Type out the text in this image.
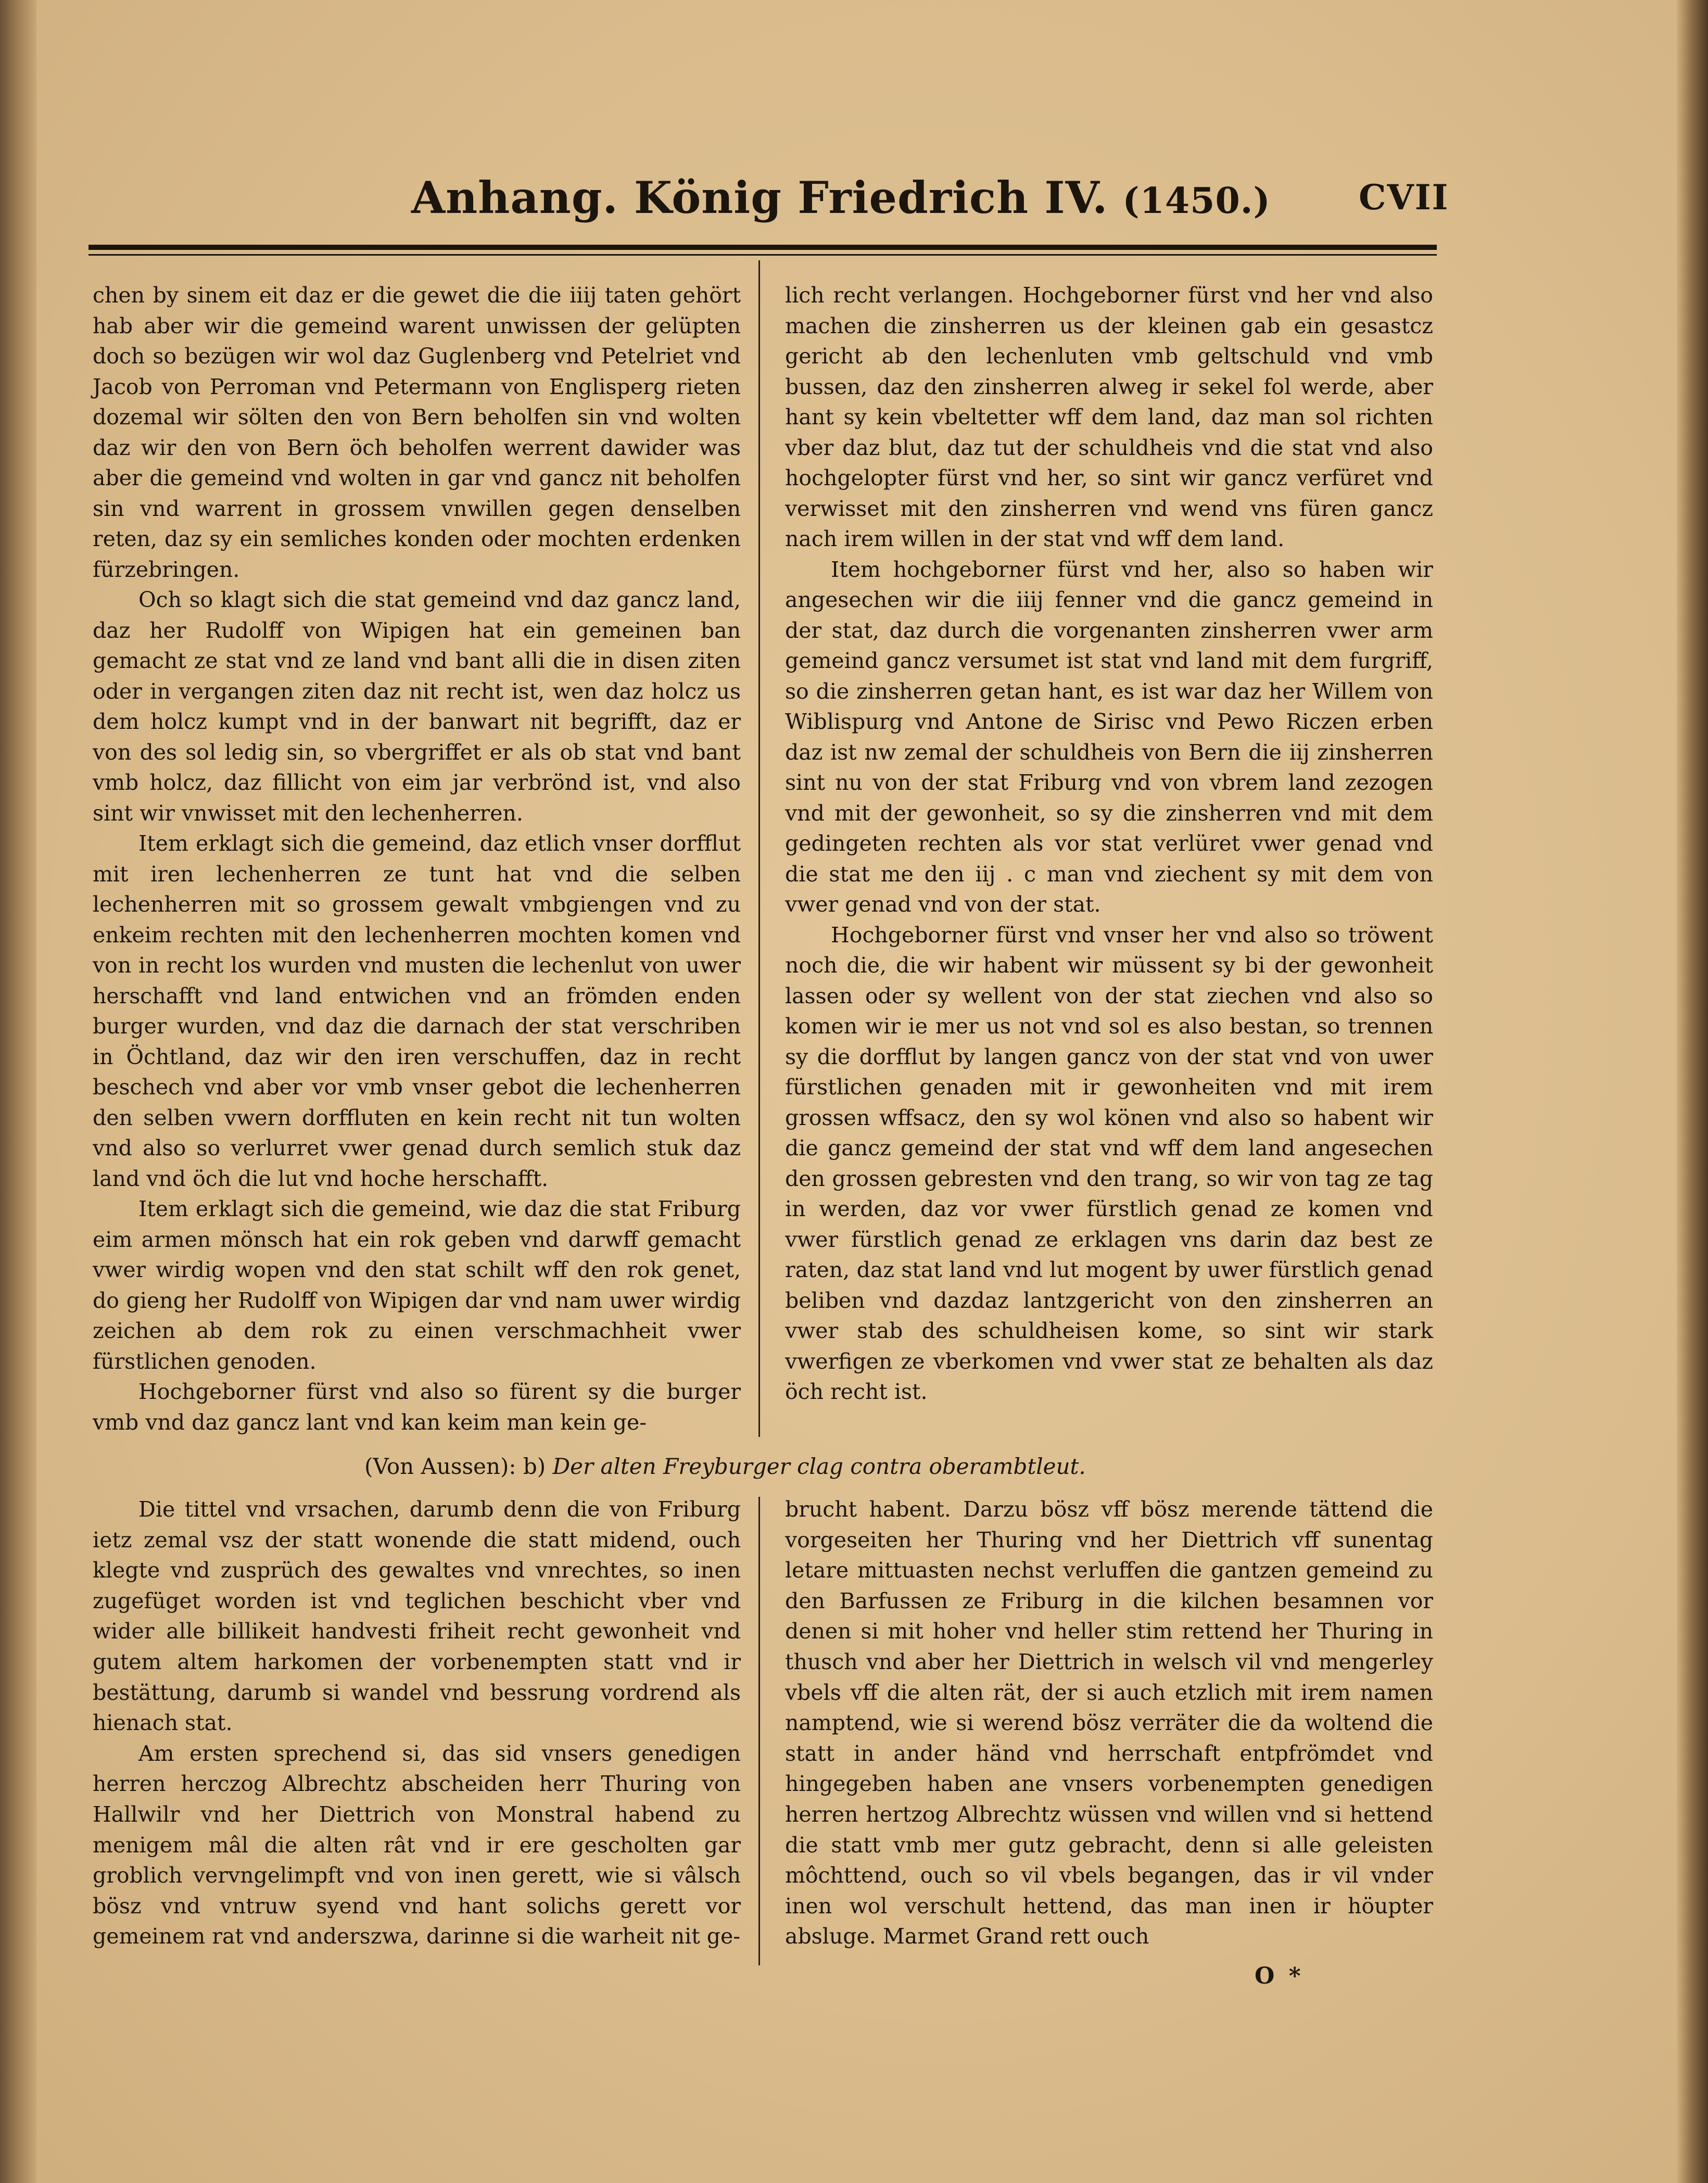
Anhang. König Friedrich IV. (1450.)	CVII

chen by sinem eit daz er die gewet die die iiij taten gehört hab aber wir die gemeind warent unwissen der gelüpten doch so bezügen wir wol daz Guglenberg vnd Petelriet vnd Jacob von Perroman vnd Petermann von Englisperg rieten dozemal wir sölten den von Bern beholfen sin vnd wolten daz wir den von Bern öch beholfen werrent dawider was aber die gemeind vnd wolten in gar vnd gancz nit beholfen sin vnd warrent in grossem vnwillen gegen denselben reten, daz sy ein semliches konden oder mochten erdenken fürzebringen.

Och so klagt sich die stat gemeind vnd daz gancz land, daz her Rudolff von Wipigen hat ein gemeinen ban gemacht ze stat vnd ze land vnd bant alli die in disen ziten oder in vergangen ziten daz nit recht ist, wen daz holcz us dem holcz kumpt vnd in der banwart nit begrifft, daz er von des sol ledig sin, so vbergriffet er als ob stat vnd bant vmb holcz, daz fillicht von eim jar verbrönd ist, vnd also sint wir vnwisset mit den lechenherren.

Item erklagt sich die gemeind, daz etlich vnser dorfflut mit iren lechenherren ze tunt hat vnd die selben lechenherren mit so grossem gewalt vmbgiengen vnd zu enkeim rechten mit den lechenherren mochten komen vnd von in recht los wurden vnd musten die lechenlut von uwer herschafft vnd land entwichen vnd an frömden enden burger wurden, vnd daz die darnach der stat verschriben in Öchtland, daz wir den iren verschuffen, daz in recht beschech vnd aber vor vmb vnser gebot die lechenherren den selben vwern dorffluten en kein recht nit tun wolten vnd also so verlurret vwer genad durch semlich stuk daz land vnd öch die lut vnd hoche herschafft.

Item erklagt sich die gemeind, wie daz die stat Friburg eim armen mönsch hat ein rok geben vnd darwff gemacht vwer wirdig wopen vnd den stat schilt wff den rok genet, do gieng her Rudolff von Wipigen dar vnd nam uwer wirdig zeichen ab dem rok zu einen verschmachheit vwer fürstlichen genoden.

Hochgeborner fürst vnd also so fürent sy die burger vmb vnd daz gancz lant vnd kan keim man kein ge-

lich recht verlangen. Hochgeborner fürst vnd her vnd also machen die zinsherren us der kleinen gab ein gesastcz gericht ab den lechenluten vmb geltschuld vnd vmb bussen, daz den zinsherren alweg ir sekel fol werde, aber hant sy kein vbeltetter wff dem land, daz man sol richten vber daz blut, daz tut der schuldheis vnd die stat vnd also hochgelopter fürst vnd her, so sint wir gancz verfüret vnd verwisset mit den zinsherren vnd wend vns füren gancz nach irem willen in der stat vnd wff dem land.

Item hochgeborner fürst vnd her, also so haben wir angesechen wir die iiij fenner vnd die gancz gemeind in der stat, daz durch die vorgenanten zinsherren vwer arm gemeind gancz versumet ist stat vnd land mit dem furgriff, so die zinsherren getan hant, es ist war daz her Willem von Wiblispurg vnd Antone de Sirisc vnd Pewo Riczen erben daz ist nw zemal der schuldheis von Bern die iij zinsherren sint nu von der stat Friburg vnd von vbrem land zezogen vnd mit der gewonheit, so sy die zinsherren vnd mit dem gedingeten rechten als vor stat verlüret vwer genad vnd die stat me den iij . c man vnd ziechent sy mit dem von vwer genad vnd von der stat.

Hochgeborner fürst vnd vnser her vnd also so tröwent noch die, die wir habent wir müssent sy bi der gewonheit lassen oder sy wellent von der stat ziechen vnd also so komen wir ie mer us not vnd sol es also bestan, so trennen sy die dorfflut by langen gancz von der stat vnd von uwer fürstlichen genaden mit ir gewonheiten vnd mit irem grossen wffsacz, den sy wol könen vnd also so habent wir die gancz gemeind der stat vnd wff dem land angesechen den grossen gebresten vnd den trang, so wir von tag ze tag in werden, daz vor vwer fürstlich genad ze komen vnd vwer fürstlich genad ze erklagen vns darin daz best ze raten, daz stat land vnd lut mogent by uwer fürstlich genad beliben vnd dazdaz lantzgericht von den zinsherren an vwer stab des schuldheisen kome, so sint wir stark vwerfigen ze vberkomen vnd vwer stat ze behalten als daz öch recht ist.

(Von Aussen): b) Der alten Freyburger clag contra oberambtleut.

Die tittel vnd vrsachen, darumb denn die von Friburg ietz zemal vsz der statt wonende die statt midend, ouch klegte vnd zusprüch des gewaltes vnd vnrechtes, so inen zugefüget worden ist vnd teglichen beschicht vber vnd wider alle billikeit handvesti friheit recht gewonheit vnd gutem altem harkomen der vorbenempten statt vnd ir bestättung, darumb si wandel vnd bessrung vordrend als hienach stat.

Am ersten sprechend si, das sid vnsers genedigen herren herczog Albrechtz abscheiden herr Thuring von Hallwilr vnd her Diettrich von Monstral habend zu menigem mâl die alten rât vnd ir ere gescholten gar groblich vervngelimpft vnd von inen gerett, wie si vâlsch bösz vnd vntruw syend vnd hant solichs gerett vor gemeinem rat vnd anderszwa, darinne si die warheit nit ge-

brucht habent. Darzu bösz vff bösz merende tättend die vorgeseiten her Thuring vnd her Diettrich vff sunentag letare mittuasten nechst verluffen die gantzen gemeind zu den Barfussen ze Friburg in die kilchen besamnen vor denen si mit hoher vnd heller stim rettend her Thuring in thusch vnd aber her Diettrich in welsch vil vnd mengerley vbels vff die alten rät, der si auch etzlich mit irem namen namptend, wie si werend bösz verräter die da woltend die statt in ander händ vnd herrschaft entpfrömdet vnd hingegeben haben ane vnsers vorbenempten genedigen herren hertzog Albrechtz wüssen vnd willen vnd si hettend die statt vmb mer gutz gebracht, denn si alle geleisten môchttend, ouch so vil vbels begangen, das ir vil vnder inen wol verschult hettend, das man inen ir höupter absluge. Marmet Grand rett ouch

O *
